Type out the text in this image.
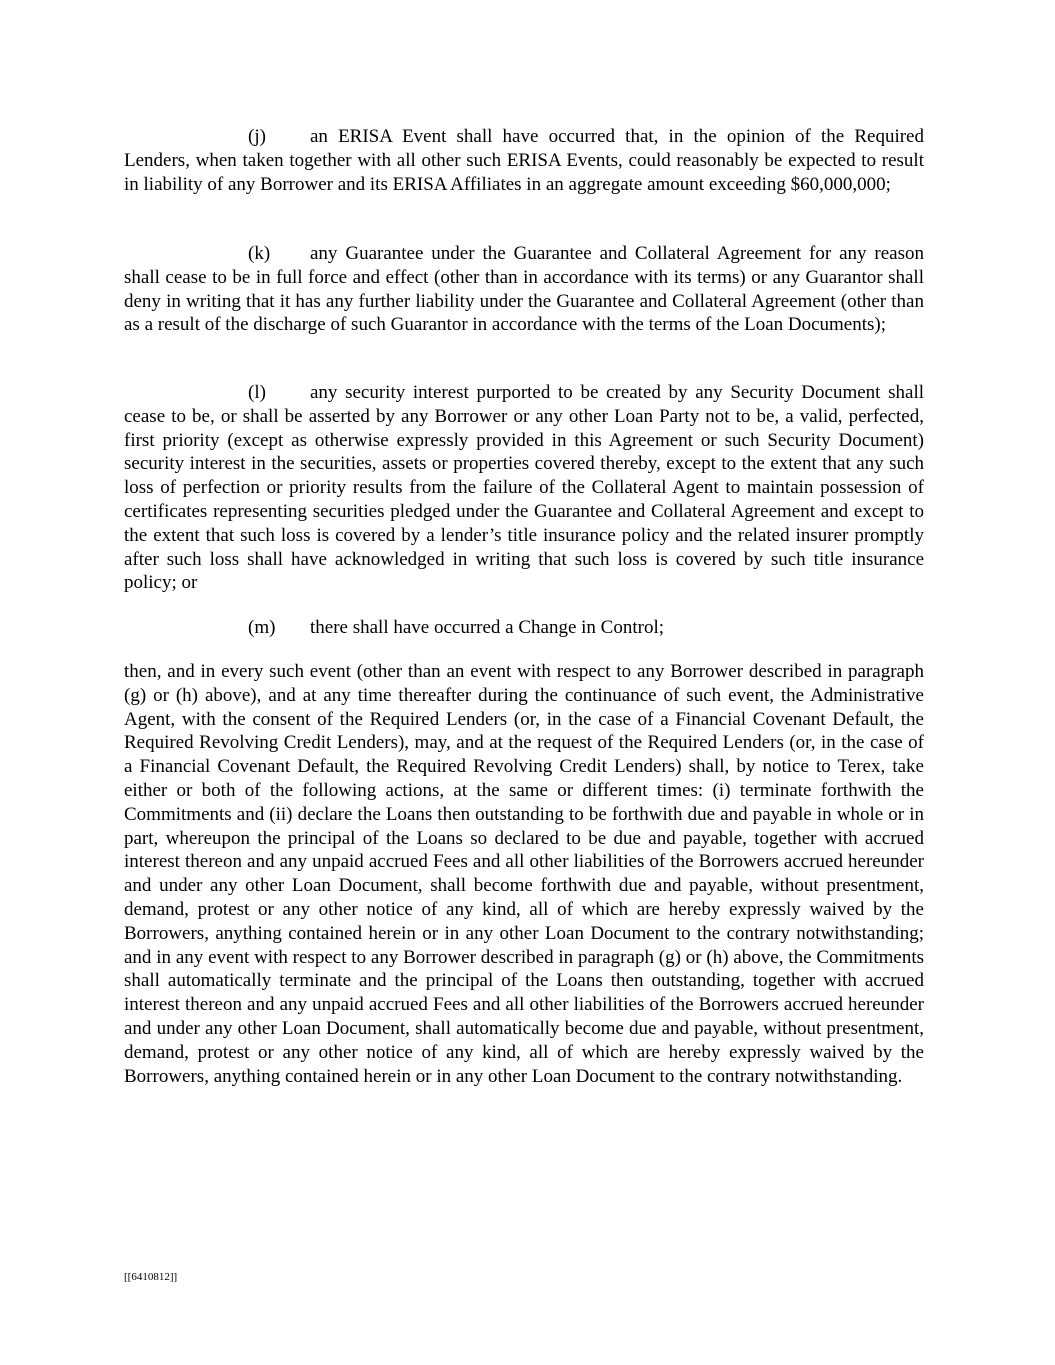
(j) an ERISA Event shall have occurred that, in the opinion of the Required Lenders, when taken together with all other such ERISA Events, could reasonably be expected to result in liability of any Borrower and its ERISA Affiliates in an aggregate amount exceeding $60,000,000;

(k) any Guarantee under the Guarantee and Collateral Agreement for any reason shall cease to be in full force and effect (other than in accordance with its terms) or any Guarantor shall deny in writing that it has any further liability under the Guarantee and Collateral Agreement (other than as a result of the discharge of such Guarantor in accordance with the terms of the Loan Documents);

(l) any security interest purported to be created by any Security Document shall cease to be, or shall be asserted by any Borrower or any other Loan Party not to be, a valid, perfected, first priority (except as otherwise expressly provided in this Agreement or such Security Document) security interest in the securities, assets or properties covered thereby, except to the extent that any such loss of perfection or priority results from the failure of the Collateral Agent to maintain possession of certificates representing securities pledged under the Guarantee and Collateral Agreement and except to the extent that such loss is covered by a lender’s title insurance policy and the related insurer promptly after such loss shall have acknowledged in writing that such loss is covered by such title insurance policy; or

(m) there shall have occurred a Change in Control;

then, and in every such event (other than an event with respect to any Borrower described in paragraph (g) or (h) above), and at any time thereafter during the continuance of such event, the Administrative Agent, with the consent of the Required Lenders (or, in the case of a Financial Covenant Default, the Required Revolving Credit Lenders), may, and at the request of the Required Lenders (or, in the case of a Financial Covenant Default, the Required Revolving Credit Lenders) shall, by notice to Terex, take either or both of the following actions, at the same or different times: (i) terminate forthwith the Commitments and (ii) declare the Loans then outstanding to be forthwith due and payable in whole or in part, whereupon the principal of the Loans so declared to be due and payable, together with accrued interest thereon and any unpaid accrued Fees and all other liabilities of the Borrowers accrued hereunder and under any other Loan Document, shall become forthwith due and payable, without presentment, demand, protest or any other notice of any kind, all of which are hereby expressly waived by the Borrowers, anything contained herein or in any other Loan Document to the contrary notwithstanding; and in any event with respect to any Borrower described in paragraph (g) or (h) above, the Commitments shall automatically terminate and the principal of the Loans then outstanding, together with accrued interest thereon and any unpaid accrued Fees and all other liabilities of the Borrowers accrued hereunder and under any other Loan Document, shall automatically become due and payable, without presentment, demand, protest or any other notice of any kind, all of which are hereby expressly waived by the Borrowers, anything contained herein or in any other Loan Document to the contrary notwithstanding.

[[6410812]]
